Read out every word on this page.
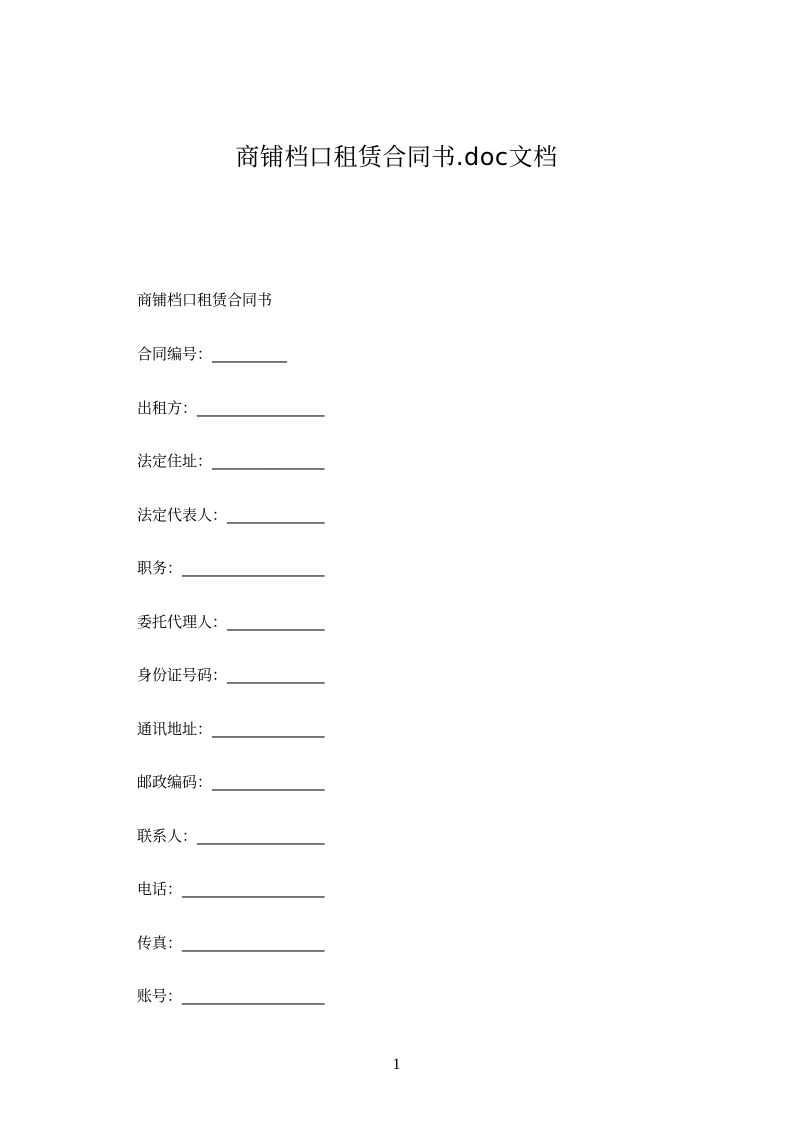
商铺档口租赁合同书.doc文档
商铺档口租赁合同书
合同编号： __________
出租方： _________________
法定住址： _______________
法定代表人： _____________
职务： ___________________
委托代理人： _____________
身份证号码： _____________
通讯地址： _______________
邮政编码： _______________
联系人： _________________
电话： ___________________
传真： ___________________
账号： ___________________
1
